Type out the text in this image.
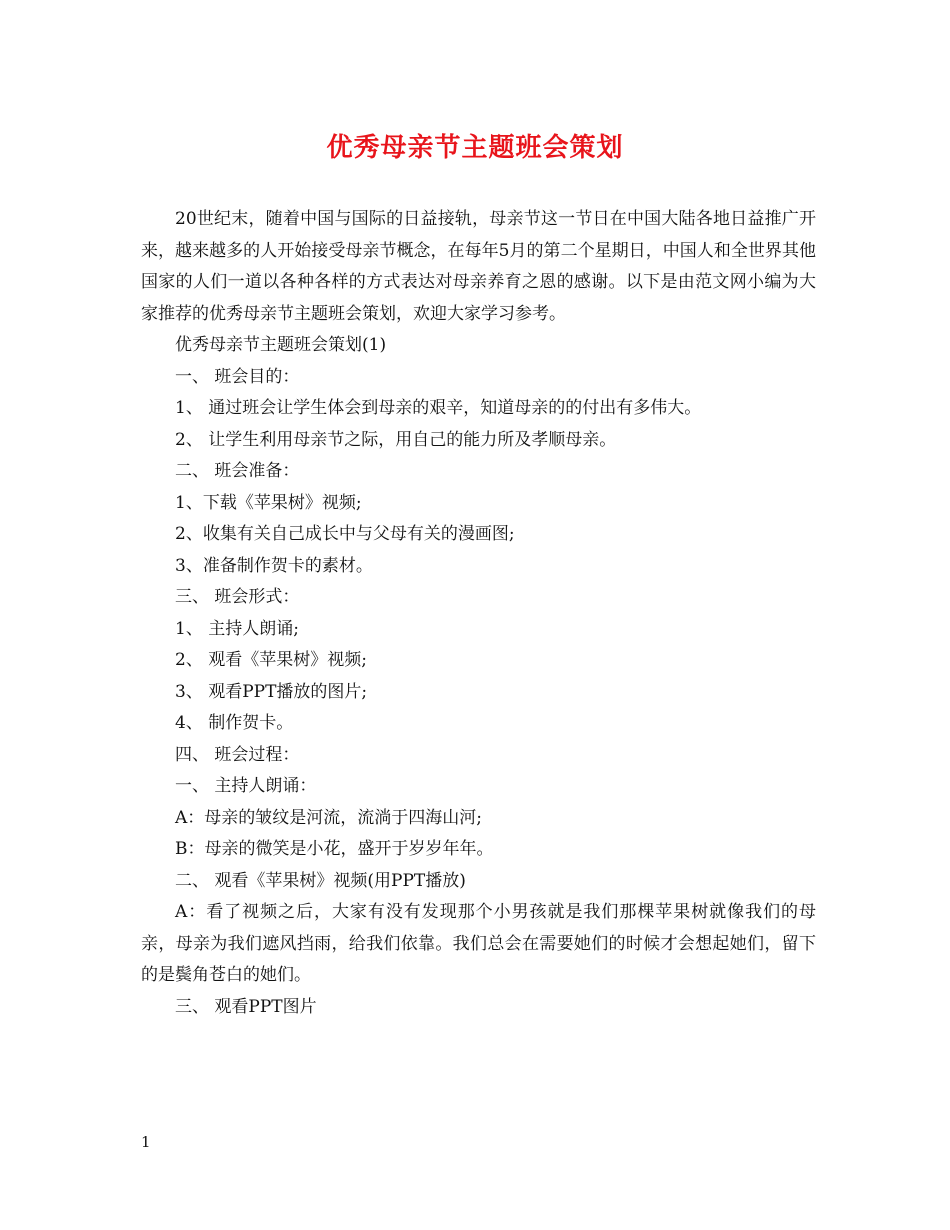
优秀母亲节主题班会策划

20世纪末，随着中国与国际的日益接轨，母亲节这一节日在中国大陆各地日益推广开来，越来越多的人开始接受母亲节概念，在每年5月的第二个星期日，中国人和全世界其他国家的人们一道以各种各样的方式表达对母亲养育之恩的感谢。以下是由范文网小编为大家推荐的优秀母亲节主题班会策划，欢迎大家学习参考。

优秀母亲节主题班会策划(1)

一、 班会目的：

1、 通过班会让学生体会到母亲的艰辛，知道母亲的的付出有多伟大。

2、 让学生利用母亲节之际，用自己的能力所及孝顺母亲。

二、 班会准备：

1、下载《苹果树》视频;

2、收集有关自己成长中与父母有关的漫画图;

3、准备制作贺卡的素材。

三、 班会形式：

1、 主持人朗诵;

2、 观看《苹果树》视频;

3、 观看PPT播放的图片;

4、 制作贺卡。

四、 班会过程：

一、 主持人朗诵：

A：母亲的皱纹是河流，流淌于四海山河;

B：母亲的微笑是小花，盛开于岁岁年年。

二、 观看《苹果树》视频(用PPT播放)

A：看了视频之后，大家有没有发现那个小男孩就是我们那棵苹果树就像我们的母亲，母亲为我们遮风挡雨，给我们依靠。我们总会在需要她们的时候才会想起她们，留下的是鬓角苍白的她们。

三、 观看PPT图片

1
